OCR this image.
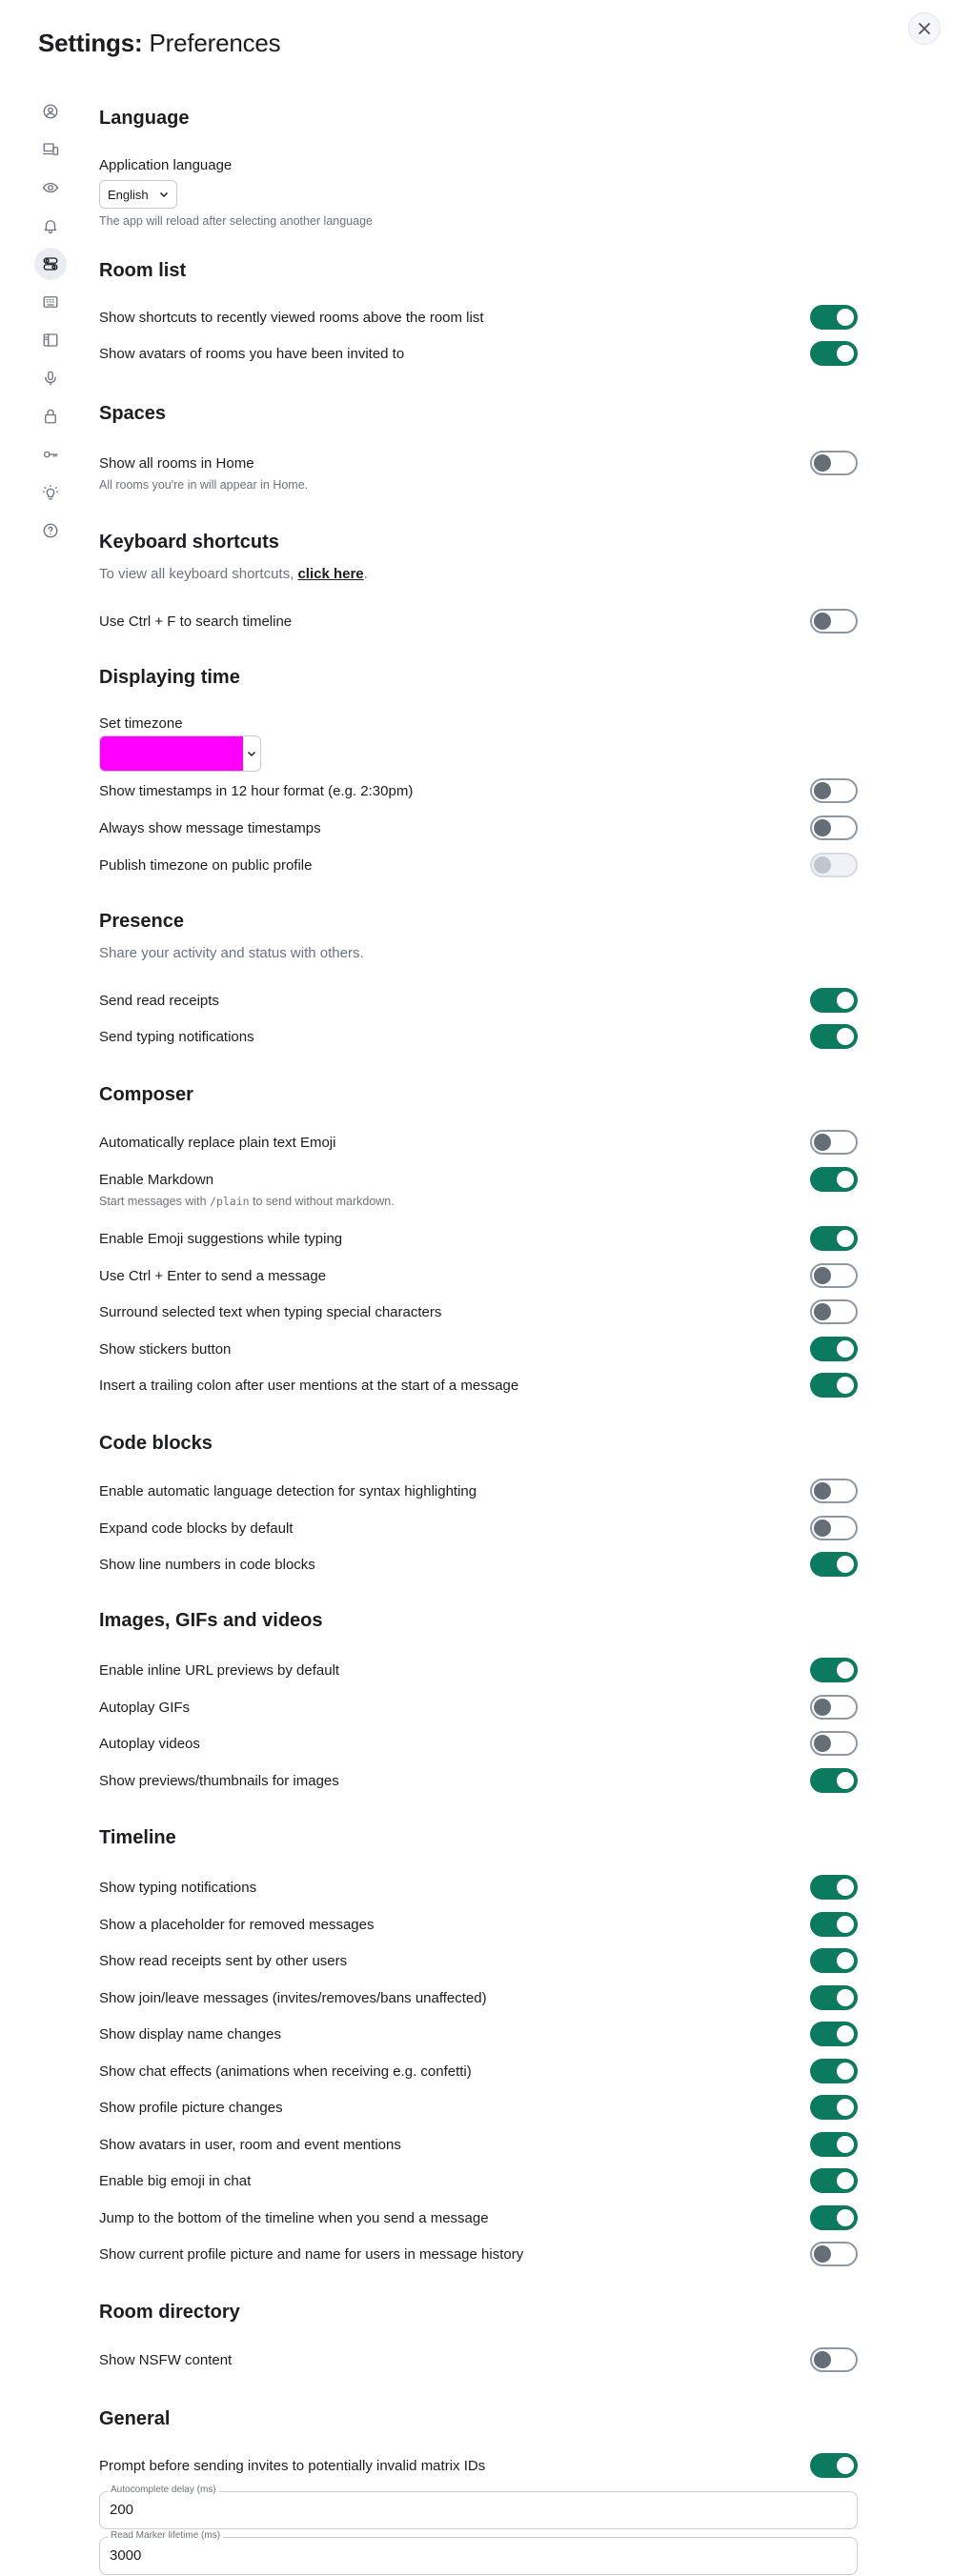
Settings: Preferences
Language
Application language
English
The app will reload after selecting another language
Room list
Show shortcuts to recently viewed rooms above the room list
Show avatars of rooms you have been invited to
Spaces
Show all rooms in Home
All rooms you're in will appear in Home.
Keyboard shortcuts
To view all keyboard shortcuts, click here.
Use Ctrl + F to search timeline
Displaying time
Set timezone
Show timestamps in 12 hour format (e.g. 2:30pm)
Always show message timestamps
Publish timezone on public profile
Presence
Share your activity and status with others.
Send read receipts
Send typing notifications
Composer
Automatically replace plain text Emoji
Enable Markdown
Start messages with /plain to send without markdown.
Enable Emoji suggestions while typing
Use Ctrl + Enter to send a message
Surround selected text when typing special characters
Show stickers button
Insert a trailing colon after user mentions at the start of a message
Code blocks
Enable automatic language detection for syntax highlighting
Expand code blocks by default
Show line numbers in code blocks
Images, GIFs and videos
Enable inline URL previews by default
Autoplay GIFs
Autoplay videos
Show previews/thumbnails for images
Timeline
Show typing notifications
Show a placeholder for removed messages
Show read receipts sent by other users
Show join/leave messages (invites/removes/bans unaffected)
Show display name changes
Show chat effects (animations when receiving e.g. confetti)
Show profile picture changes
Show avatars in user, room and event mentions
Enable big emoji in chat
Jump to the bottom of the timeline when you send a message
Show current profile picture and name for users in message history
Room directory
Show NSFW content
General
Prompt before sending invites to potentially invalid matrix IDs
Autocomplete delay (ms)
200
Read Marker lifetime (ms)
3000
